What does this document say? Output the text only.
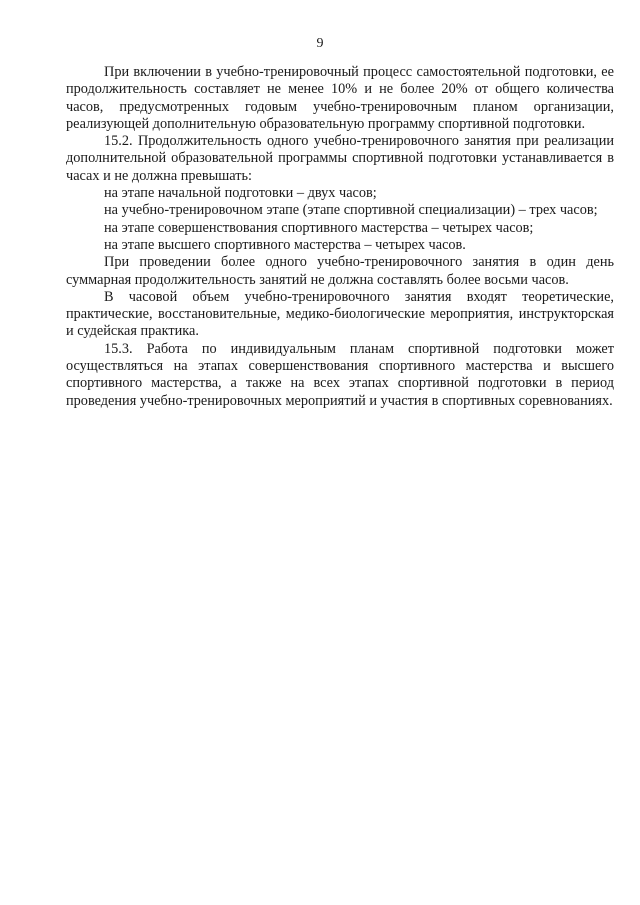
9

При включении в учебно-тренировочный процесс самостоятельной подготовки, ее продолжительность составляет не менее 10% и не более 20% от общего количества часов, предусмотренных годовым учебно-тренировочным планом организации, реализующей дополнительную образовательную программу спортивной подготовки.

15.2. Продолжительность одного учебно-тренировочного занятия при реализации дополнительной образовательной программы спортивной подготовки устанавливается в часах и не должна превышать:

на этапе начальной подготовки – двух часов;

на учебно-тренировочном этапе (этапе спортивной специализации) – трех часов;

на этапе совершенствования спортивного мастерства – четырех часов;

на этапе высшего спортивного мастерства – четырех часов.

При проведении более одного учебно-тренировочного занятия в один день суммарная продолжительность занятий не должна составлять более восьми часов.

В часовой объем учебно-тренировочного занятия входят теоретические, практические, восстановительные, медико-биологические мероприятия, инструкторская и судейская практика.

15.3. Работа по индивидуальным планам спортивной подготовки может осуществляться на этапах совершенствования спортивного мастерства и высшего спортивного мастерства, а также на всех этапах спортивной подготовки в период проведения учебно-тренировочных мероприятий и участия в спортивных соревнованиях.
